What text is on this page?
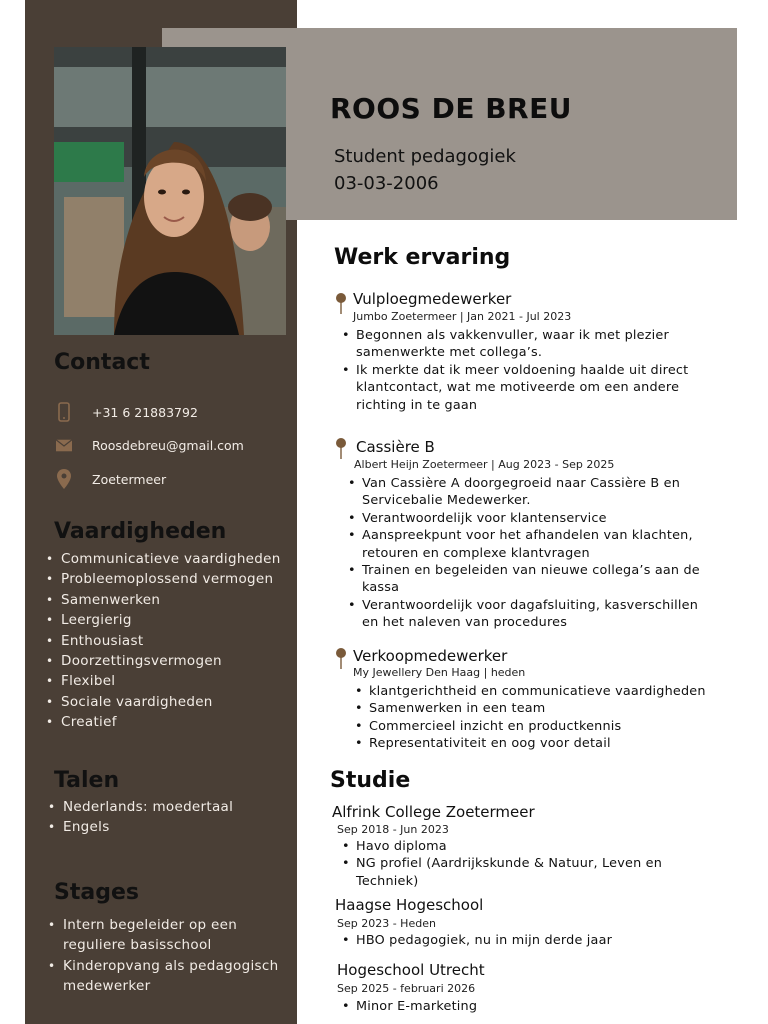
ROOS DE BREU
Student pedagogiek
03-03-2006
Contact
+31 6 21883792
Roosdebreu@gmail.com
Zoetermeer
Vaardigheden
• Communicatieve vaardigheden
• Probleemoplossend vermogen
• Samenwerken
• Leergierig
• Enthousiast
• Doorzettingsvermogen
• Flexibel
• Sociale vaardigheden
• Creatief
Talen
• Nederlands: moedertaal
• Engels
Stages
• Intern begeleider op een reguliere basisschool
• Kinderopvang als pedagogisch medewerker
Werk ervaring
Vulploegmedewerker
Jumbo Zoetermeer | Jan 2021 - Jul 2023
• Begonnen als vakkenvuller, waar ik met plezier samenwerkte met collega’s.
• Ik merkte dat ik meer voldoening haalde uit direct klantcontact, wat me motiveerde om een andere richting in te gaan
Cassière B
Albert Heijn Zoetermeer | Aug 2023 - Sep 2025
• Van Cassière A doorgegroeid naar Cassière B en Servicebalie Medewerker.
• Verantwoordelijk voor klantenservice
• Aanspreekpunt voor het afhandelen van klachten, retouren en complexe klantvragen
• Trainen en begeleiden van nieuwe collega’s aan de kassa
• Verantwoordelijk voor dagafsluiting, kasverschillen en het naleven van procedures
Verkoopmedewerker
My Jewellery Den Haag | heden
• klantgerichtheid en communicatieve vaardigheden
• Samenwerken in een team
• Commercieel inzicht en productkennis
• Representativiteit en oog voor detail
Studie
Alfrink College Zoetermeer
Sep 2018 - Jun 2023
• Havo diploma
• NG profiel (Aardrijkskunde & Natuur, Leven en Techniek)
Haagse Hogeschool
Sep 2023 - Heden
• HBO pedagogiek, nu in mijn derde jaar
Hogeschool Utrecht
Sep 2025 - februari 2026
• Minor E-marketing
